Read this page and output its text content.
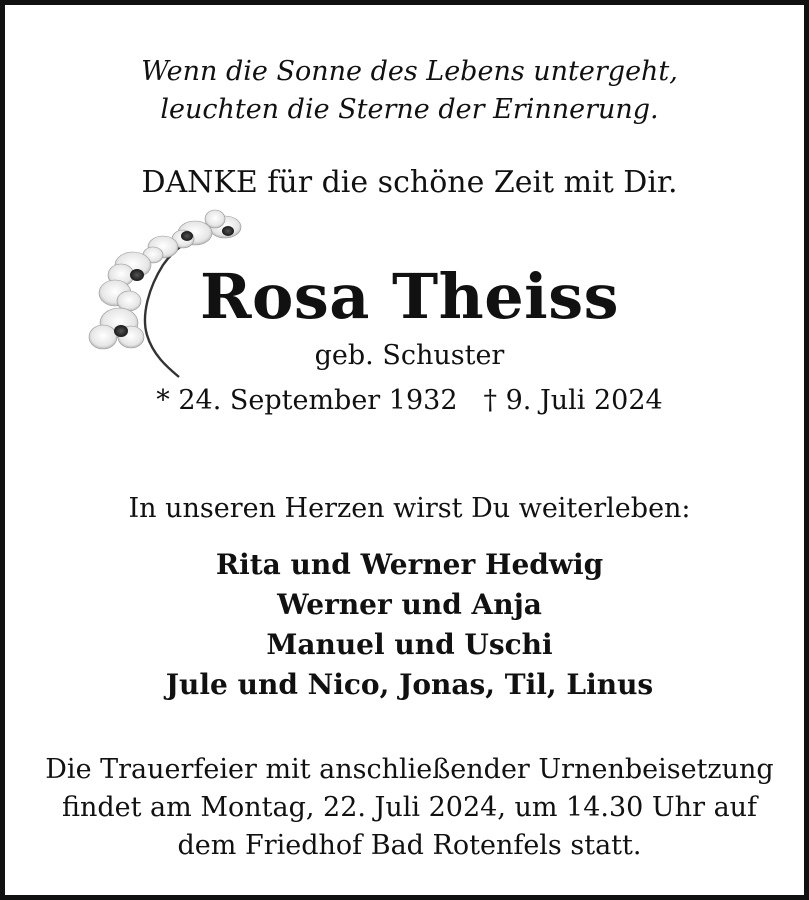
Wenn die Sonne des Lebens untergeht,
leuchten die Sterne der Erinnerung.
DANKE für die schöne Zeit mit Dir.
Rosa Theiss
geb. Schuster
* 24. September 1932 † 9. Juli 2024
In unseren Herzen wirst Du weiterleben:
Rita und Werner Hedwig
Werner und Anja
Manuel und Uschi
Jule und Nico, Jonas, Til, Linus
Die Trauerfeier mit anschließender Urnenbeisetzung
findet am Montag, 22. Juli 2024, um 14.30 Uhr auf
dem Friedhof Bad Rotenfels statt.
